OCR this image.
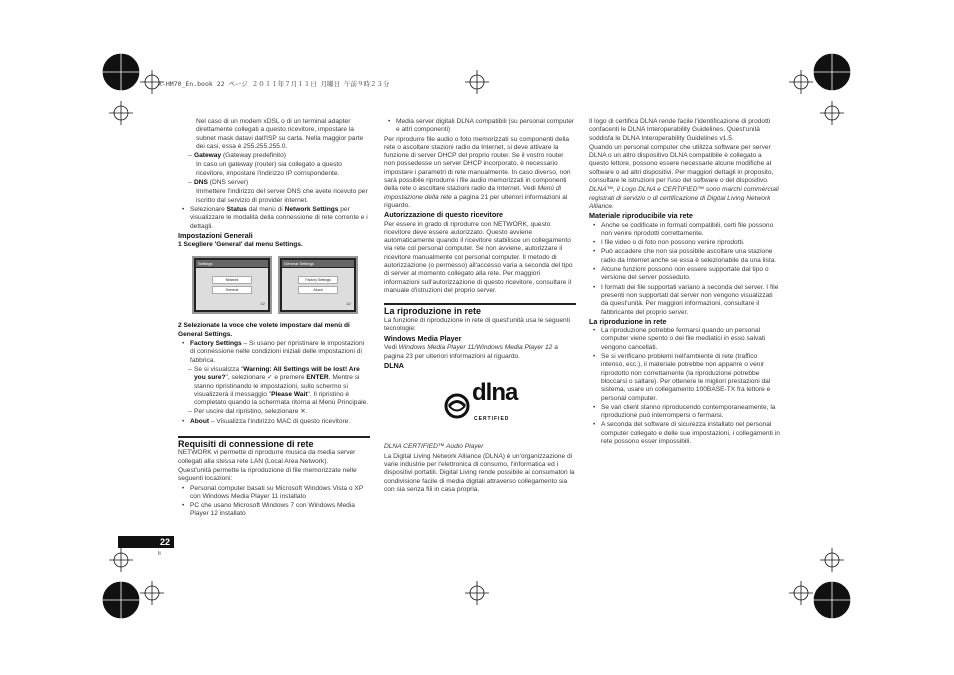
X-HM70_En.book 22 ページ ２０１１年７月１１日 月曜日 午前９時２３分

Nel caso di un modem xDSL o di un terminal adapter direttamente collegati a questo ricevitore, impostare la subnet mask datavi dall'ISP su carta. Nella maggior parte dei casi, essa è 255.255.255.0.

– Gateway (Gateway predefinito)

In caso un gateway (router) sia collegato a questo ricevitore, impostare l'indirizzo IP corrispondente.

– DNS (DNS server)

Immettere l'indirizzo del server DNS che avete ricevuto per iscritto dal servizio di provider internet.

• Selezionare Status dal menù di Network Settings per visualizzare le modalità della connessione di rete corrente e i dettagli.

Impostazioni Generali

1 Scegliere 'General' dal menu Settings.

Settings
Network
General
1/2
General Settings
Factory Settings
About
1/2

2 Selezionate la voce che volete impostare dal menù di General Settings.

• Factory Settings – Si usano per ripristinare le impostazioni di connessione nelle condizioni iniziali delle impostazioni di fabbrica.

– Se si visualizza "Warning: All Settings will be lost! Are you sure?", selezionare ✓ e premere ENTER. Mentre si stanno ripristinando le impostazioni, sullo schermo si visualizzerà il messaggio "Please Wait". Il ripristino è completato quando la schermata ritorna al Menù Principale.

– Per uscire dal ripristino, selezionare ✕.

• About – Visualizza l'indirizzo MAC di questo ricevitore.

Requisiti di connessione di rete

NETWORK vi permette di riprodurre musica da media server collegati alla stessa rete LAN (Local Area Network).

Quest'unità permette la riproduzione di file memorizzate nelle seguenti locazioni:

• Personal computer basati su Microsoft Windows Vista o XP con Windows Media Player 11 installato

• PC che usano Microsoft Windows 7 con Windows Media Player 12 installato

• Media server digitali DLNA compatibili (su personal computer e altri componenti)

Per riprodurre file audio o foto memorizzati su componenti della rete o ascoltare stazioni radio da Internet, si deve attivare la funzione di server DHCP del proprio router. Se il vostro router non possedesse un server DHCP incorporato, è necessario impostare i parametri di rete manualmente. In caso diverso, non sarà possibile riprodurre i file audio memorizzati in componenti della rete o ascoltare stazioni radio da Internet. Vedi Menù di impostazione della rete a pagina 21 per ulteriori informazioni al riguardo.

Autorizzazione di questo ricevitore

Per essere in grado di riprodurre con NETWORK, questo ricevitore deve essere autorizzato. Questo avviene automaticamente quando il ricevitore stabilisce un collegamento via rete col personal computer. Se non avviene, autorizzare il ricevitore manualmente col personal computer. Il metodo di autorizzazione (o permesso) all'accesso varia a seconda del tipo di server al momento collegato alla rete. Per maggiori informazioni sull'autorizzazione di questo ricevitore, consultare il manuale d'istruzioni del proprio server.

La riproduzione in rete

La funzione di riproduzione in rete di quest'unità usa le seguenti tecnologie:

Windows Media Player

Vedi Windows Media Player 11/Windows Media Player 12 a pagina 23 per ulteriori informazioni al riguardo.

DLNA

dlna
CERTIFIED

DLNA CERTIFIED™ Audio Player

La Digital Living Network Alliance (DLNA) è un'organizzazione di varie industrie per l'elettronica di consumo, l'informatica ed i dispositivi portatili. Digital Living rende possibile ai consumatori la condivisione facile di media digitali attraverso collegamento sia con sia senza fili in casa propria.

Il logo di certifica DLNA rende facile l'identificazione di prodotti confacenti le DLNA Interoperability Guidelines. Quest'unità soddisfa le DLNA Interoperability Guidelines v1.5.

Quando un personal computer che utilizza software per server DLNA o un altro dispositivo DLNA compatibile è collegato a questo lettore, possono essere necessarie alcune modifiche al software o ad altri dispositivi. Per maggiori dettagli in proposito, consultare le istruzioni per l'uso del software o del dispositivo.

DLNA™, il Logo DLNA e CERTIFIED™ sono marchi commerciali registrati di servizio o di certificazione di Digital Living Network Alliance.

Materiale riproducibile via rete

• Anche se codificate in formati compatibili, certi file possono non venire riprodotti correttamente.

• I file video o di foto non possono venire riprodotti.

• Può accadere che non sia possibile ascoltare una stazione radio da Internet anche se essa è selezionabile da una lista.

• Alcune funzioni possono non essere supportate dal tipo o versione del server posseduto.

• I formati dei file supportati variano a seconda del server. I file presenti non supportati dal server non vengono visualizzati da quest'unità. Per maggiori informazioni, consultare il fabbricante del proprio server.

La riproduzione in rete

• La riproduzione potrebbe fermarsi quando un personal computer viene spento o dei file mediatici in esso salvati vengono cancellati.

• Se si verificano problemi nell'ambiente di rete (traffico intenso, ecc.), il materiale potrebbe non apparire o venir riprodotto non correttamente (la riproduzione potrebbe bloccarsi o saltare). Per ottenere le migliori prestazioni dal sistema, usare un collegamento 100BASE-TX fra lettore e personal computer.

• Se vari client stanno riproducendo contemporaneamente, la riproduzione può interrompersi o fermarsi.

• A seconda del software di sicurezza installato nel personal computer collegato e delle sue impostazioni, i collegamenti in rete possono esser impossibili.

22
It
